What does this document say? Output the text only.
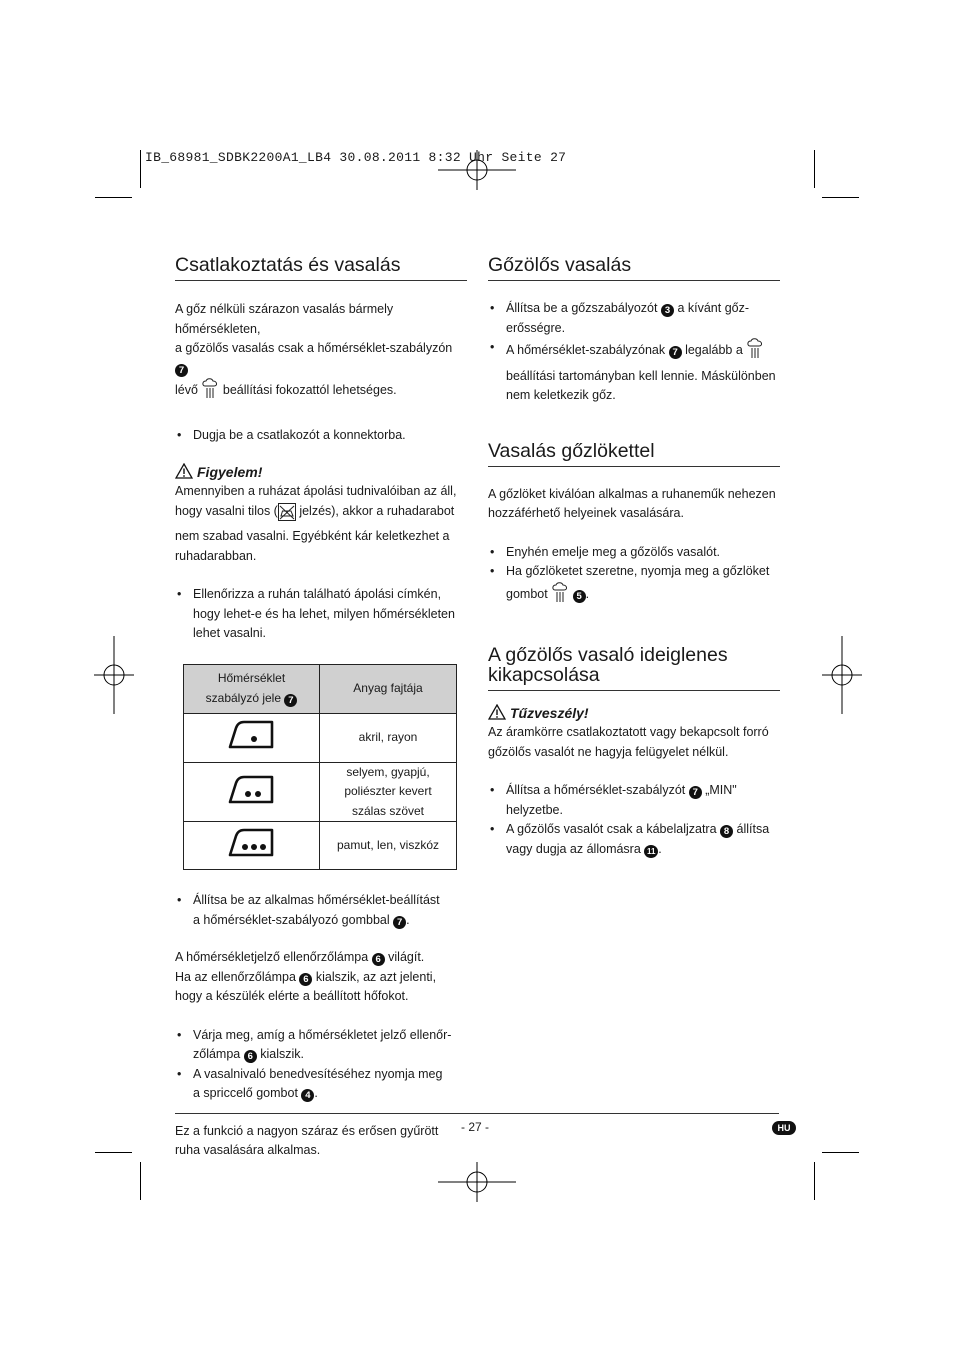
IB_68981_SDBK2200A1_LB4 30.08.2011 8:32 Uhr Seite 27
Csatlakoztatás és vasalás

A gőz nélküli szárazon vasalás bármely hőmérsékleten,
a gőzölős vasalás csak a hőmérséklet-szabályzón 7
lévő beállítási fokozattól lehetséges.

• Dugja be a csatlakozót a konnektorba.
Figyelem!

Amennyiben a ruházat ápolási tudnivalóiban az áll,
hogy vasalni tilos ( jelzés), akkor a ruhadarabot
nem szabad vasalni. Egyébként kár keletkezhet a
ruhadarabban.

• Ellenőrizza a ruhán található ápolási címkén, hogy lehet-e és ha lehet, milyen hőmérsékleten lehet vasalni.
Hőmérséklet
szabályzó jele 7	Anyag fajtája
	akril, rayon
	selyem, gyapjú,
poliészter kevert
szálas szövet
	pamut, len, viszkóz
• Állítsa be az alkalmas hőmérséklet-beállítást
a hőmérséklet-szabályozó gombbal 7 .

A hőmérsékletjelző ellenőrzőlámpa 6 világít.
Ha az ellenőrzőlámpa 6 kialszik, az azt jelenti,
hogy a készülék elérte a beállított hőfokot.

• Várja meg, amíg a hőmérsékletet jelző ellenőr-
zőlámpa 6 kialszik.
• A vasalnivaló benedvesítéséhez nyomja meg
a spriccelő gombot 4 .

Ez a funkció a nagyon száraz és erősen gyűrött
ruha vasalására alkalmas.

Gőzölős vasalás
• Állítsa be a gőzszabályozót 3 a kívánt gőz-
erősségre.
• A hőmérséklet-szabályzónak 7 legalább a
beállítási tartományban kell lennie. Máskülönben
nem keletkezik gőz.
Vasalás gőzlökettel

A gőzlöket kiválóan alkalmas a ruhaneműk nehezen
hozzáférhető helyeinek vasalására.

• Enyhén emelje meg a gőzölős vasalót.
• Ha gőzlöketet szeretne, nyomja meg a gőzlöket
gombot	5 .
A gőzölős vasaló ideiglenes kikapcsolása
Tűzveszély!

Az áramkörre csatlakoztatott vagy bekapcsolt forró
gőzölős vasalót ne hagyja felügyelet nélkül.

• Állítsa a hőmérséklet-szabályzót 7 „MIN"
helyzetbe.
• A gőzölős vasalót csak a kábelaljzatra 8 állítsa
vagy dugja az állomásra 11 .
- 27 -	HU
